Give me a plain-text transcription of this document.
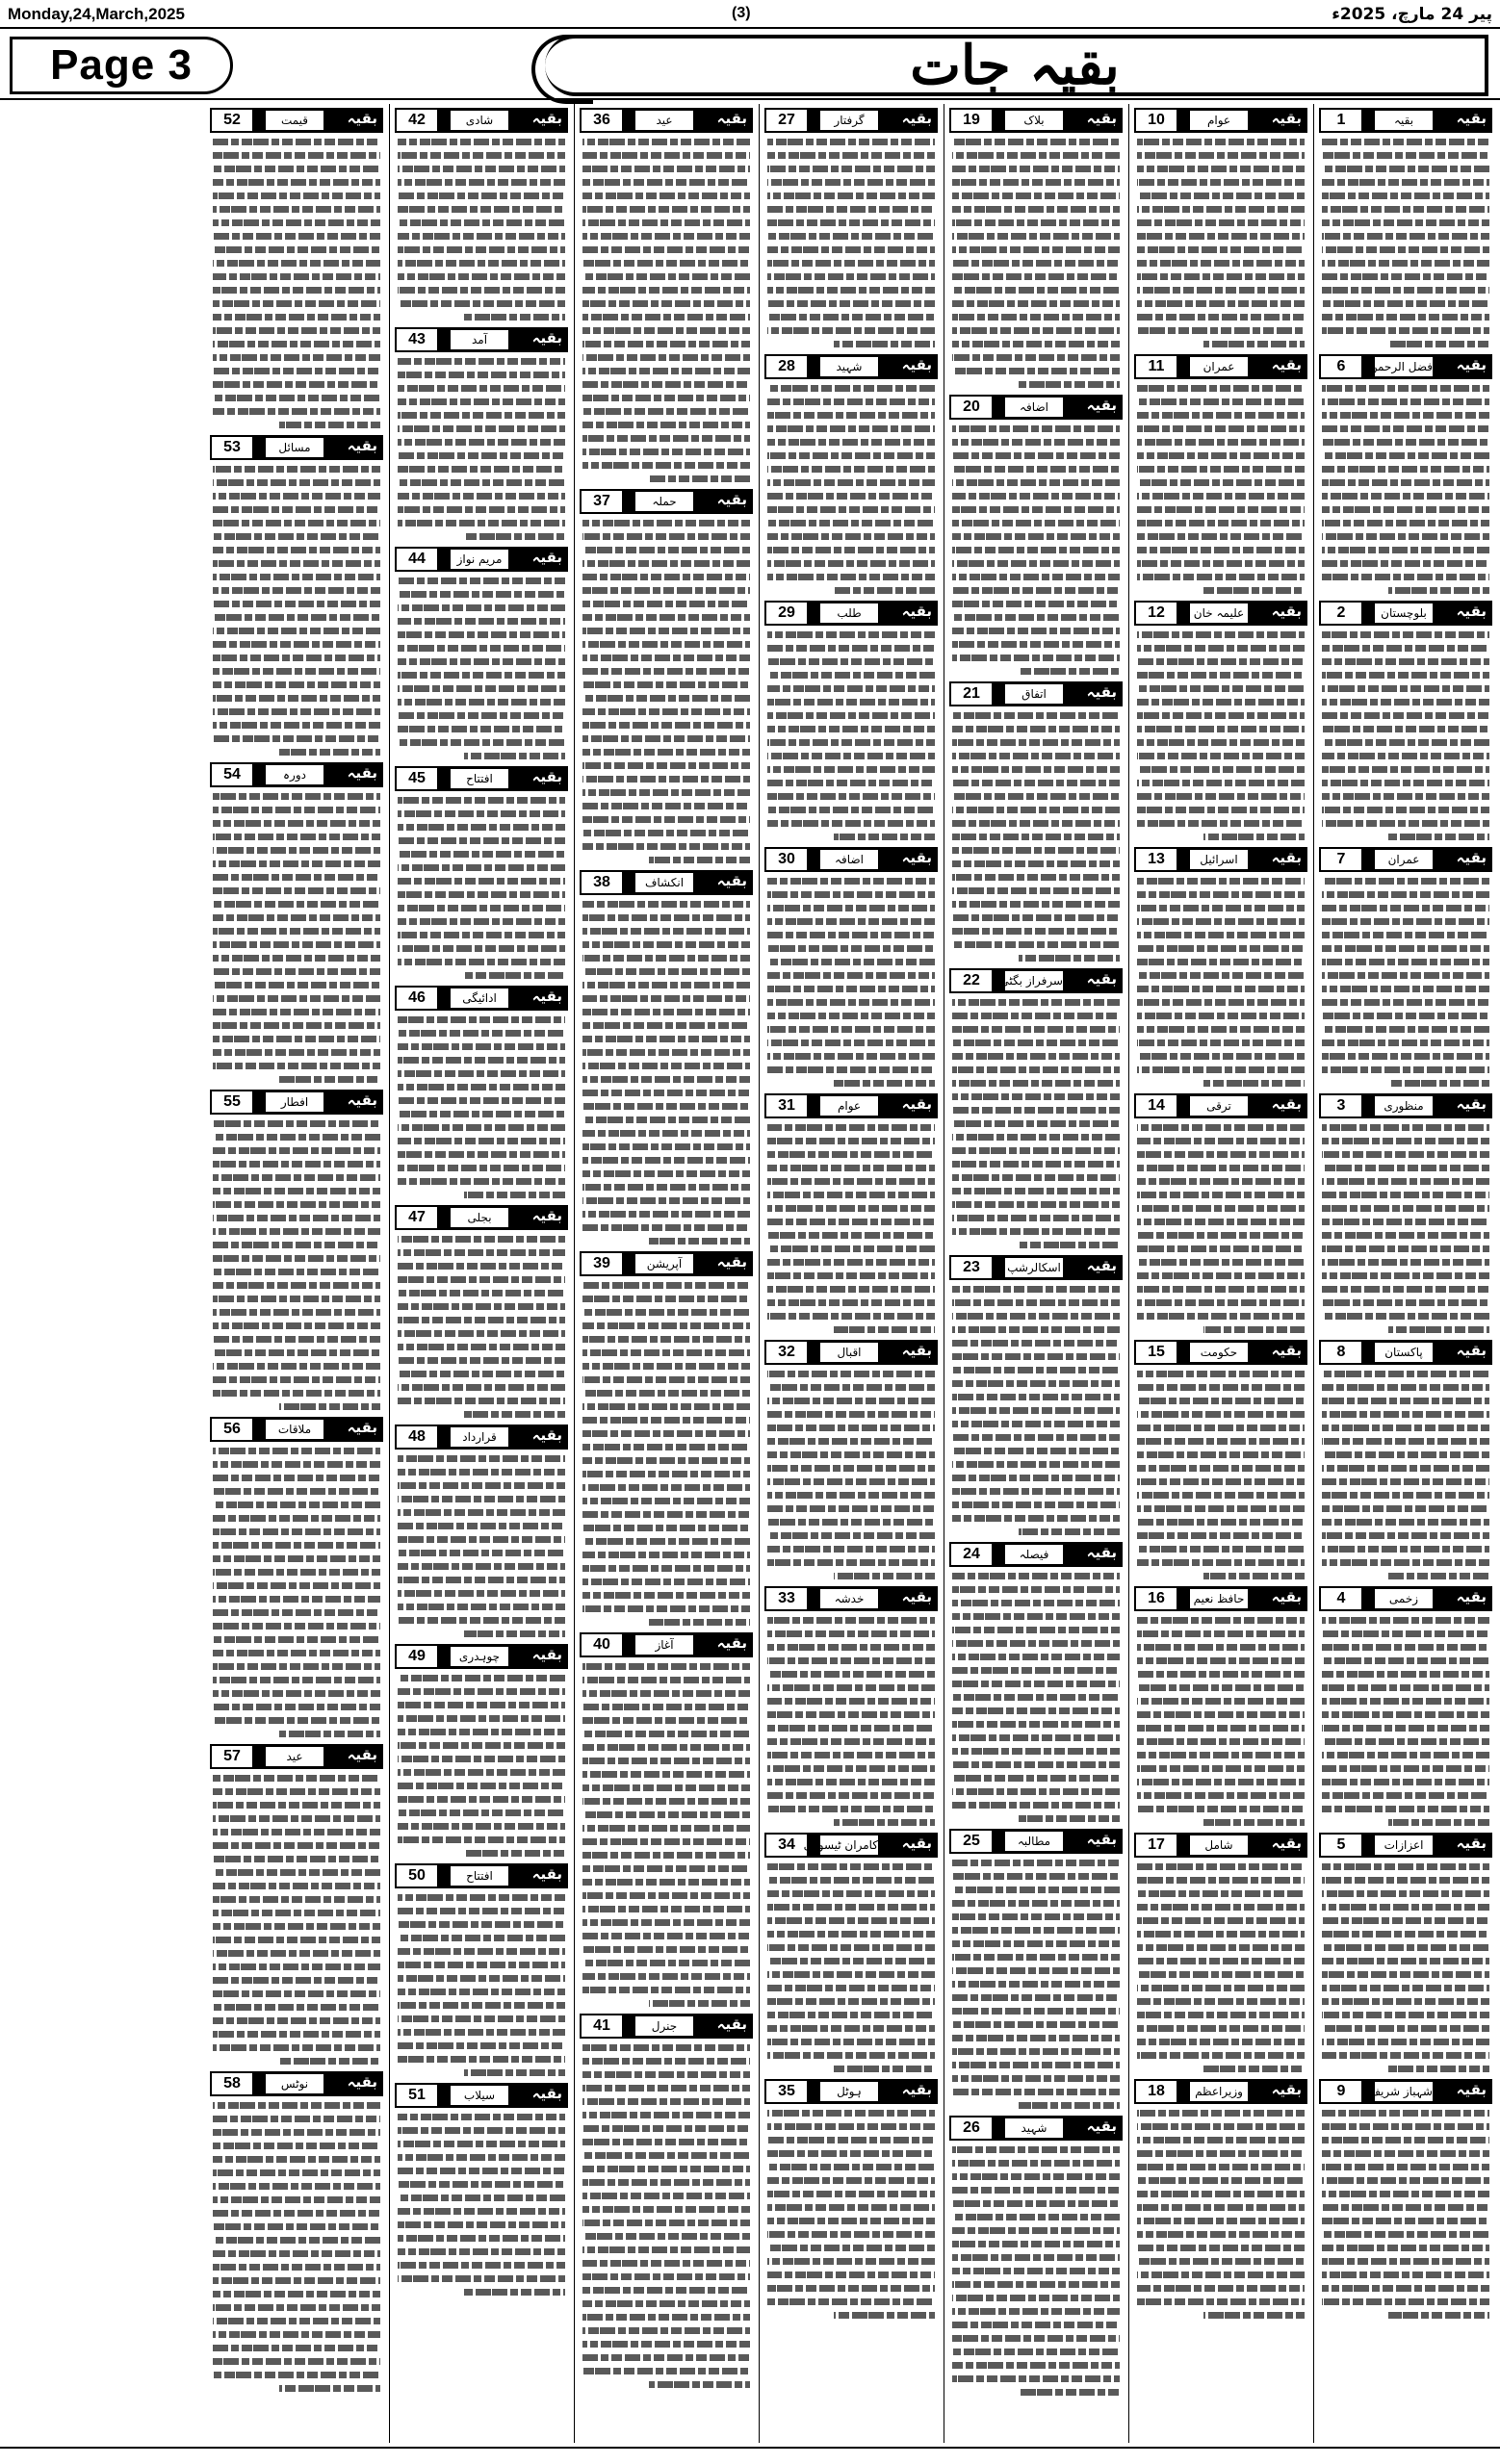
Monday,24,March,2025	(3)	پیر 24 مارچ، 2025ء
Page 3	بقیہ جات
1	بقیہ	بقیہ
6	فضل الرحمن بقیہ
2	بلوچستان	بقیہ
7	عمران	بقیہ
3	منظوری	بقیہ
8	پاکستان	بقیہ
4	زخمی	بقیہ
5	اعزازات	بقیہ
9	شہباز شریف بقیہ
10	عوام	بقیہ
11	عمران	بقیہ
12	علیمہ خان بقیہ
13	اسرائیل	بقیہ
14	ترقی	بقیہ
15	حکومت	بقیہ
16	حافظ نعیم بقیہ
17	شامل	بقیہ
18	وزیراعظم	بقیہ
19	بلاک	بقیہ
20	اضافہ	بقیہ
21	اتفاق	بقیہ
22	سرفراز بگٹی بقیہ
23	اسکالرشپ بقیہ
24	فیصلہ	بقیہ
25	مطالبہ	بقیہ
26	شہید	بقیہ
27	گرفتار	بقیہ
28	شہید	بقیہ
29	طلب	بقیہ
30	اضافہ	بقیہ
31	عوام	بقیہ
32	اقبال	بقیہ
33	خدشہ	بقیہ
34 کامران ٹیسوری بقیہ
35	ہوٹل	بقیہ
36	عید	بقیہ
37	حملہ	بقیہ
38	انکشاف	بقیہ
39	آپریشن	بقیہ
40	آغاز	بقیہ
41	جنرل	بقیہ
42	شادی	بقیہ
43	آمد	بقیہ
44	مریم نواز	بقیہ
45	افتتاح	بقیہ
46	ادائیگی	بقیہ
47	بجلی	بقیہ
48	قرارداد	بقیہ
49	چوہدری	بقیہ
50	افتتاح	بقیہ
51	سیلاب	بقیہ
52	قیمت	بقیہ
53	مسائل	بقیہ
54	دورہ	بقیہ
55	افطار	بقیہ
56	ملاقات	بقیہ
57	عید	بقیہ
58	نوٹس	بقیہ
